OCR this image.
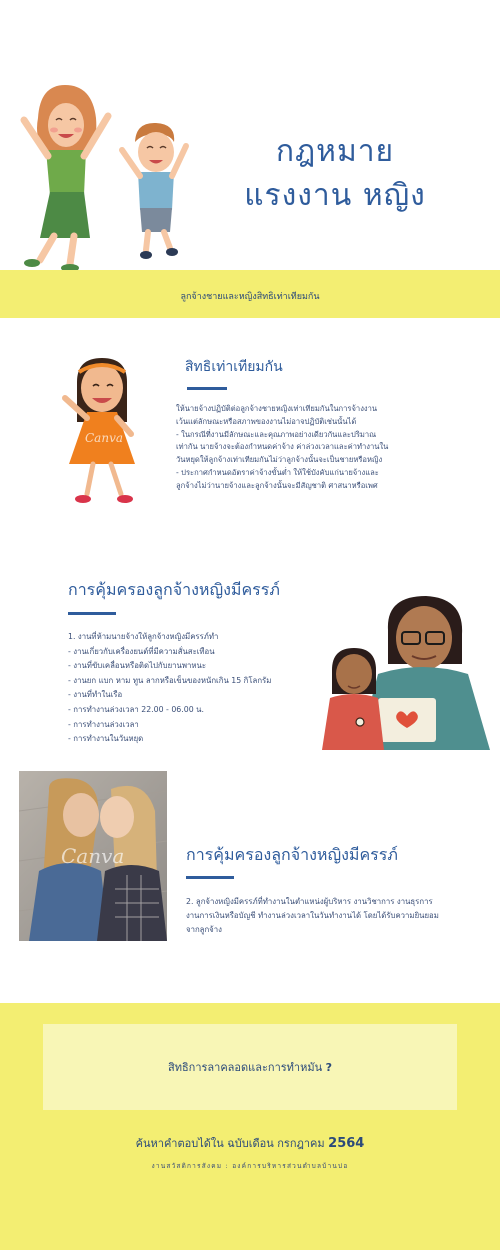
กฎหมาย
แรงงาน หญิง
ลูกจ้างชายและหญิงสิทธิเท่าเทียมกัน
Canva
สิทธิเท่าเทียมกัน
ให้นายจ้างปฏิบัติต่อลูกจ้างชายหญิงเท่าเทียมกันในการจ้างงาน
เว้นแต่ลักษณะหรือสภาพของงานไม่อาจปฏิบัติเช่นนั้นได้
- ในกรณีที่งานมีลักษณะและคุณภาพอย่างเดียวกันและปริมาณ
เท่ากัน นายจ้างจะต้องกำหนดค่าจ้าง ค่าล่วงเวลาและค่าทำงานใน
วันหยุดให้ลูกจ้างเท่าเทียมกันไม่ว่าลูกจ้างนั้นจะเป็นชายหรือหญิง
- ประกาศกำหนดอัตราค่าจ้างขั้นต่ำ ให้ใช้บังคับแก่นายจ้างและ
ลูกจ้างไม่ว่านายจ้างและลูกจ้างนั้นจะมีสัญชาติ ศาสนาหรือเพศ
การคุ้มครองลูกจ้างหญิงมีครรภ์
1. งานที่ห้ามนายจ้างให้ลูกจ้างหญิงมีครรภ์ทำ
- งานเกี่ยวกับเครื่องยนต์ที่มีความสั่นสะเทือน
- งานที่ขับเคลื่อนหรือติดไปกับยานพาหนะ
- งานยก แบก หาม ทูน ลากหรือเข็นของหนักเกิน 15 กิโลกรัม
- งานที่ทำในเรือ
- การทำงานล่วงเวลา 22.00 - 06.00 น.
- การทำงานล่วงเวลา
- การทำงานในวันหยุด
Canva	การคุ้มครองลูกจ้างหญิงมีครรภ์
2. ลูกจ้างหญิงมีครรภ์ที่ทำงานในตำแหน่งผู้บริหาร งานวิชาการ งานธุรการ งานการเงินหรือบัญชี ทำงานล่วงเวลาในวันทำงานได้ โดยได้รับความยินยอมจากลูกจ้าง
สิทธิการลาคลอดและการทำหมัน ?
ค้นหาคำตอบได้ใน ฉบับเดือน กรกฎาคม 2564
งานสวัสดิการสังคม : องค์การบริหารส่วนตำบลบ้านบ่อ
